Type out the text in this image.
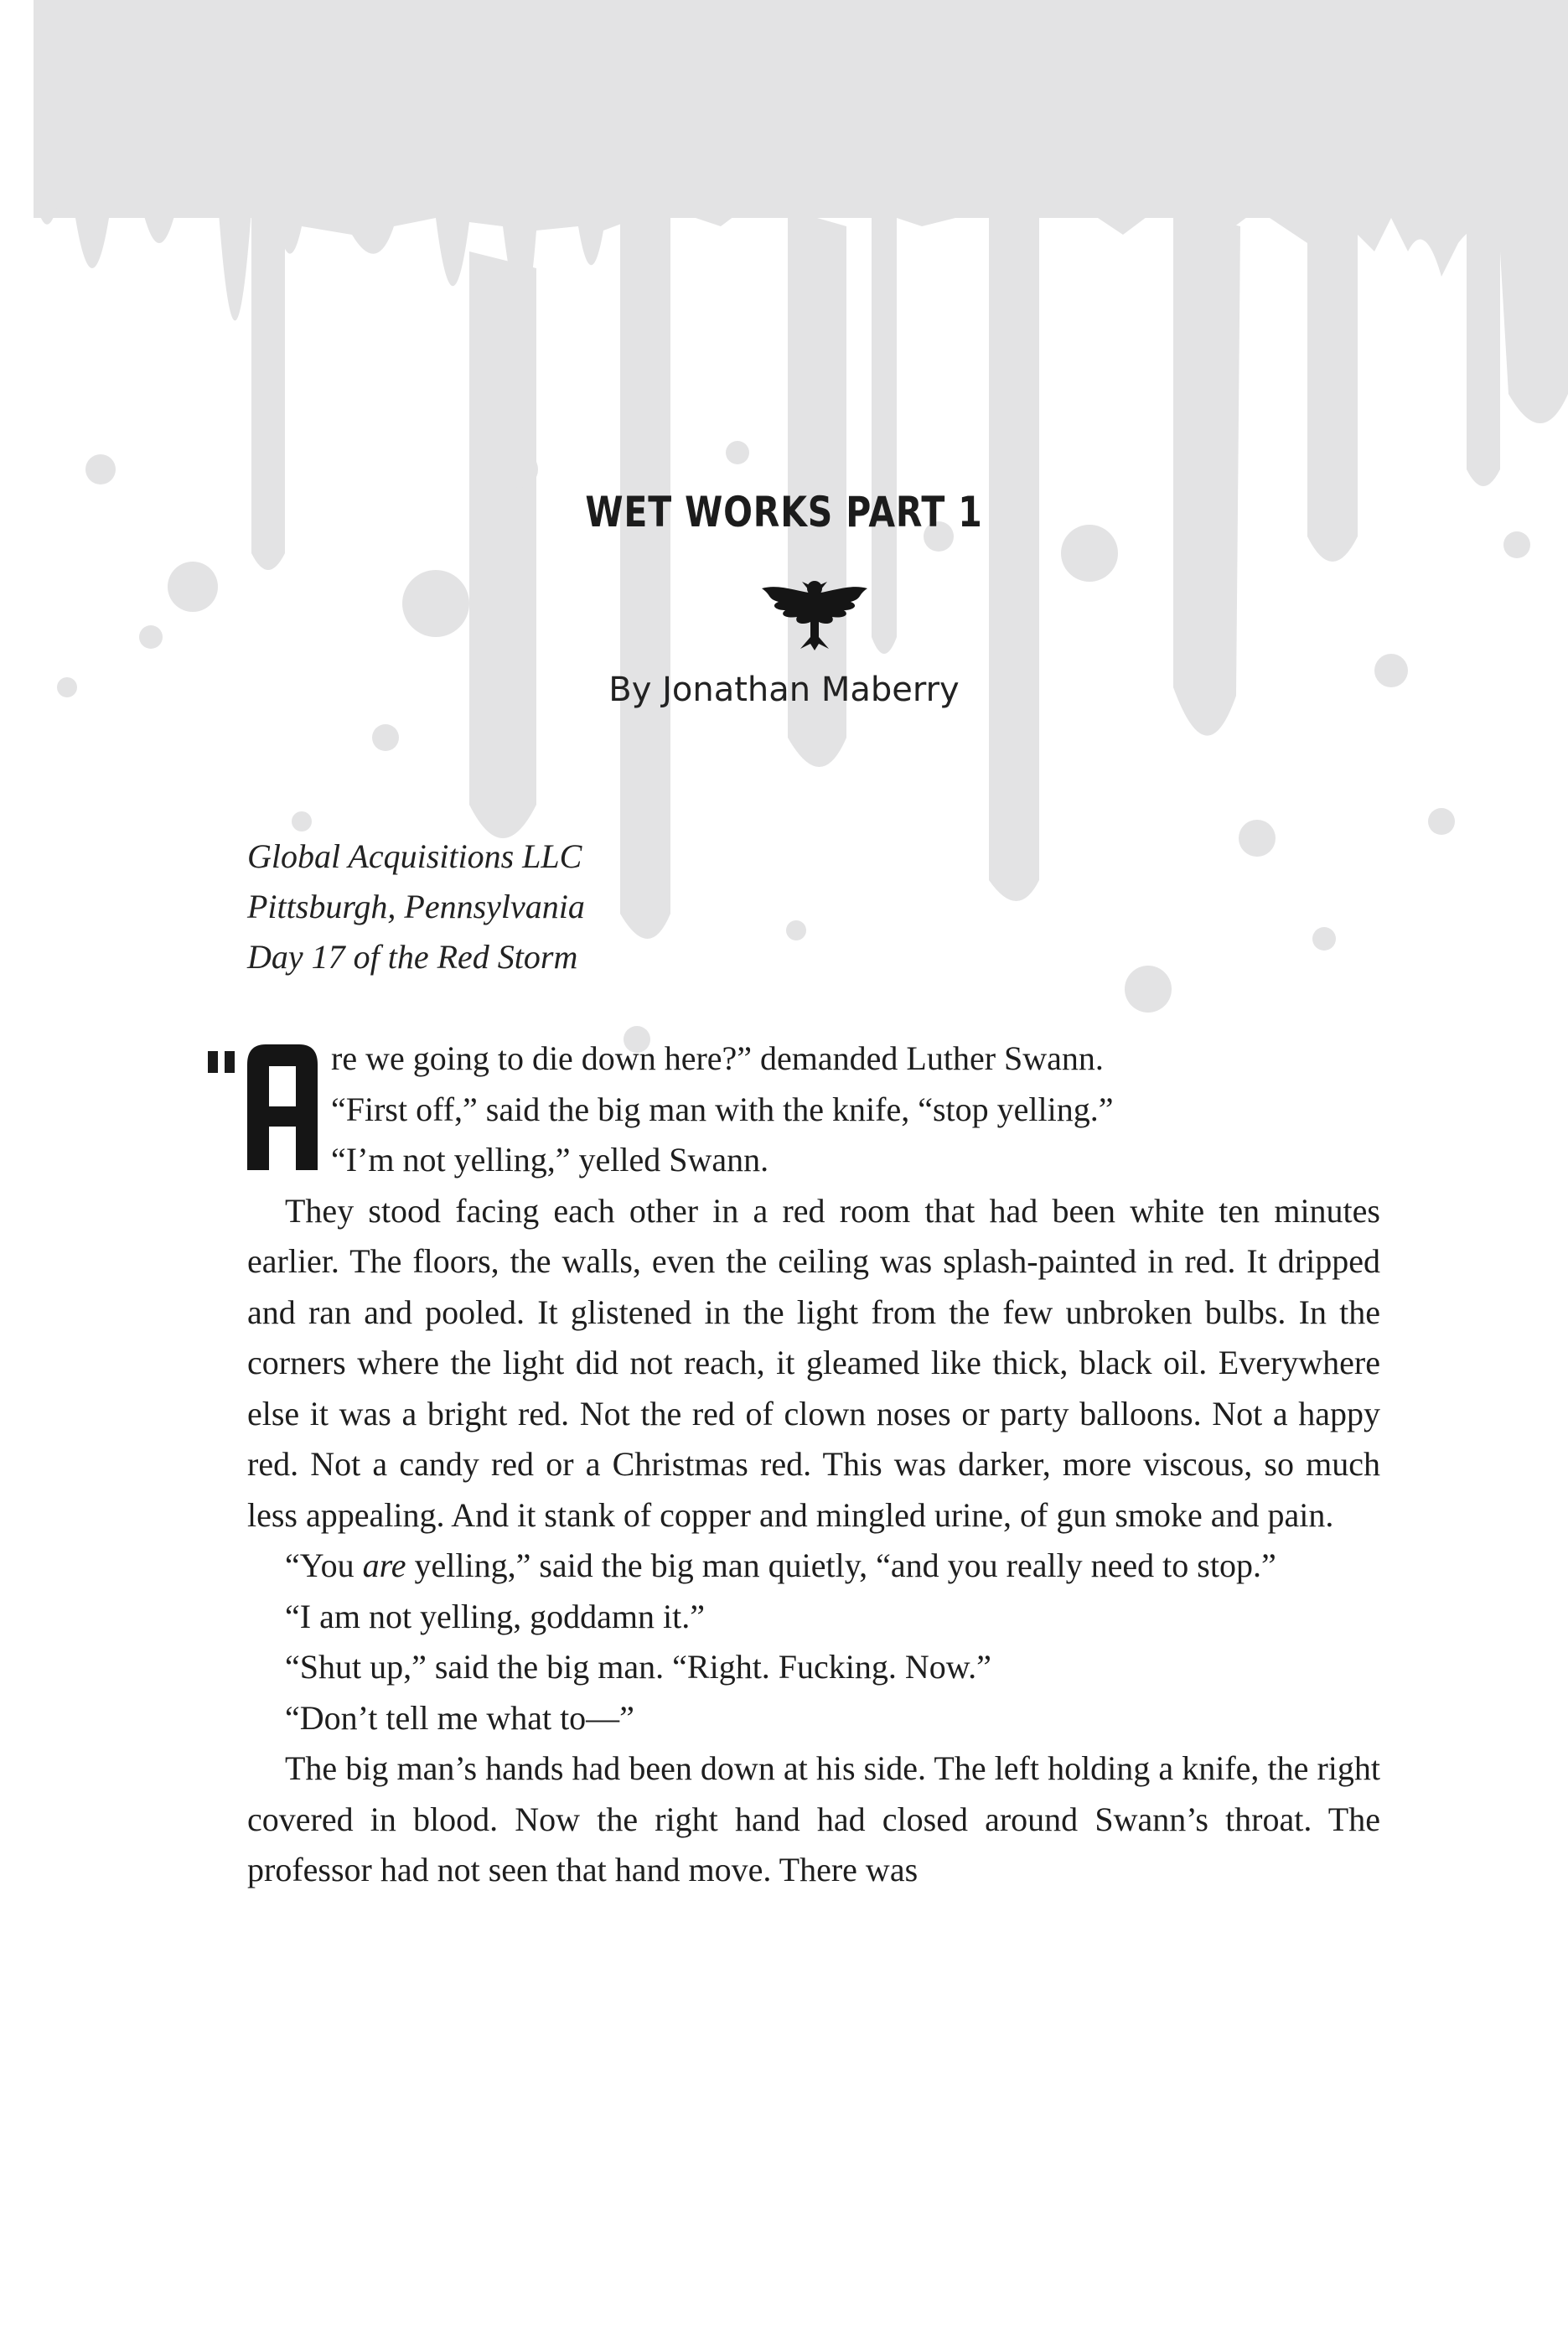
WET WORKS PART 1
By Jonathan Maberry
Global Acquisitions LLC
Pittsburgh, Pennsylvania
Day 17 of the Red Storm

re we going to die down here?” demanded Luther Swann.

“First off,” said the big man with the knife, “stop yelling.”

“I’m not yelling,” yelled Swann.

They stood facing each other in a red room that had been white ten minutes earlier. The floors, the walls, even the ceiling was splash-painted in red. It dripped and ran and pooled. It glistened in the light from the few unbroken bulbs. In the corners where the light did not reach, it gleamed like thick, black oil. Everywhere else it was a bright red. Not the red of clown noses or party balloons. Not a happy red. Not a candy red or a Christmas red. This was darker, more viscous, so much less appealing. And it stank of copper and mingled urine, of gun smoke and pain.

“You are yelling,” said the big man quietly, “and you really need to stop.”

“I am not yelling, goddamn it.”

“Shut up,” said the big man. “Right. Fucking. Now.”

“Don’t tell me what to—”

The big man’s hands had been down at his side. The left holding a knife, the right covered in blood. Now the right hand had closed around Swann’s throat. The professor had not seen that hand move. There was
